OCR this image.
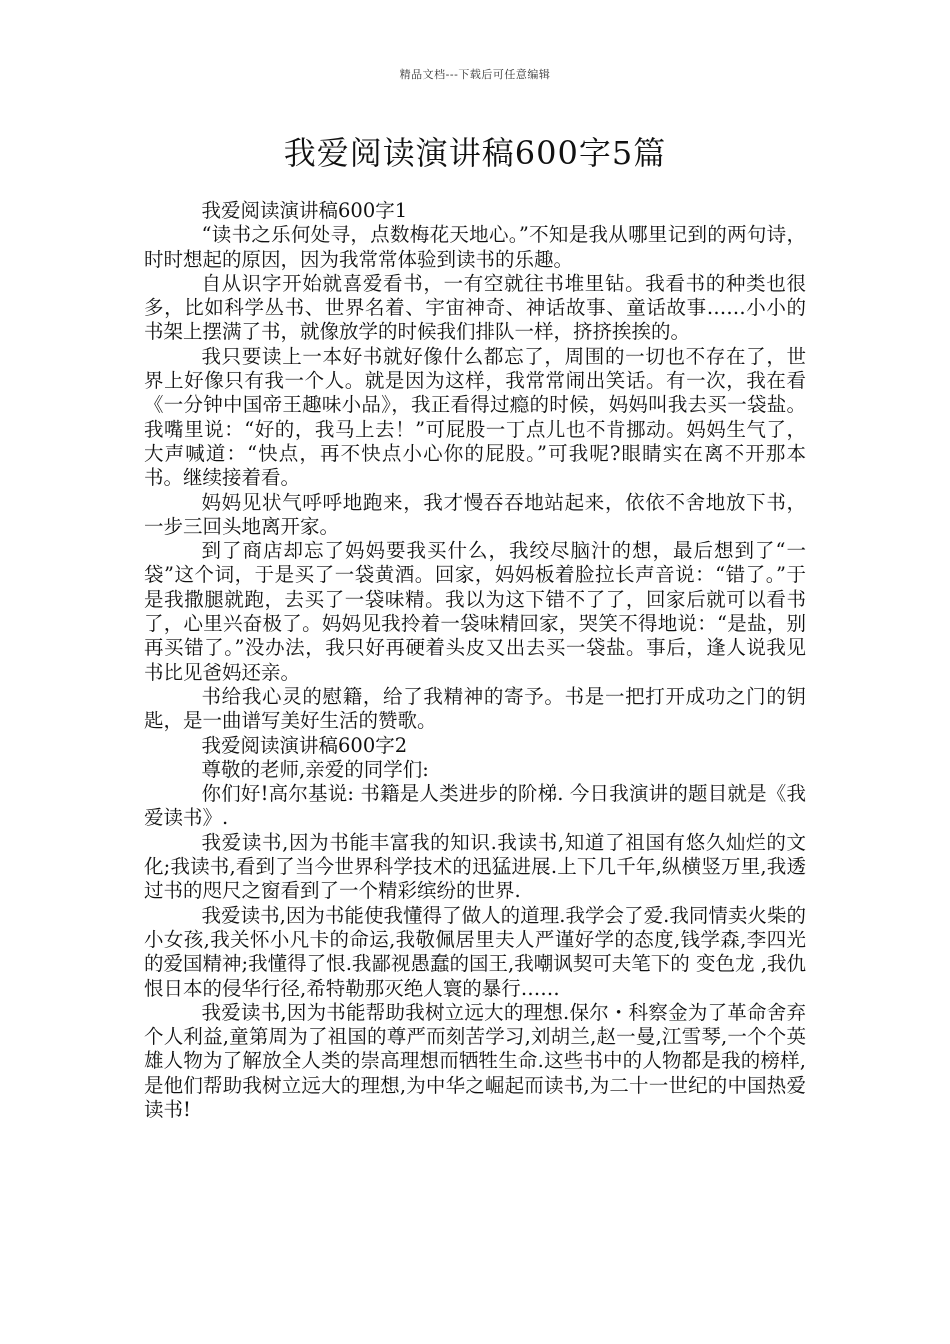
精品文档---下载后可任意编辑
我爱阅读演讲稿600字5篇

我爱阅读演讲稿600字1

“读书之乐何处寻，点数梅花天地心。”不知是我从哪里记到的两句诗，时时想起的原因，因为我常常体验到读书的乐趣。

自从识字开始就喜爱看书，一有空就往书堆里钻。我看书的种类也很多，比如科学丛书、世界名着、宇宙神奇、神话故事、童话故事……小小的书架上摆满了书，就像放学的时候我们排队一样，挤挤挨挨的。

我只要读上一本好书就好像什么都忘了，周围的一切也不存在了，世界上好像只有我一个人。就是因为这样，我常常闹出笑话。有一次，我在看《一分钟中国帝王趣味小品》，我正看得过瘾的时候，妈妈叫我去买一袋盐。我嘴里说：“好的，我马上去！”可屁股一丁点儿也不肯挪动。妈妈生气了，大声喊道：“快点，再不快点小心你的屁股。”可我呢?眼睛实在离不开那本书。继续接着看。

妈妈见状气呼呼地跑来，我才慢吞吞地站起来，依依不舍地放下书，一步三回头地离开家。

到了商店却忘了妈妈要我买什么，我绞尽脑汁的想，最后想到了“一袋”这个词，于是买了一袋黄酒。回家，妈妈板着脸拉长声音说：“错了。”于是我撒腿就跑，去买了一袋味精。我以为这下错不了了，回家后就可以看书了，心里兴奋极了。妈妈见我拎着一袋味精回家，哭笑不得地说：“是盐，别再买错了。”没办法，我只好再硬着头皮又出去买一袋盐。事后，逢人说我见书比见爸妈还亲。

书给我心灵的慰籍，给了我精神的寄予。书是一把打开成功之门的钥匙，是一曲谱写美好生活的赞歌。

我爱阅读演讲稿600字2

尊敬的老师,亲爱的同学们:

你们好!高尔基说: 书籍是人类进步的阶梯. 今日我演讲的题目就是《我爱读书》.

我爱读书,因为书能丰富我的知识.我读书,知道了祖国有悠久灿烂的文化;我读书,看到了当今世界科学技术的迅猛进展.上下几千年,纵横竖万里,我透过书的咫尺之窗看到了一个精彩缤纷的世界.

我爱读书,因为书能使我懂得了做人的道理.我学会了爱.我同情卖火柴的小女孩,我关怀小凡卡的命运,我敬佩居里夫人严谨好学的态度,钱学森,李四光的爱国精神;我懂得了恨.我鄙视愚蠢的国王,我嘲讽契可夫笔下的 变色龙 ,我仇恨日本的侵华行径,希特勒那灭绝人寰的暴行……

我爱读书,因为书能帮助我树立远大的理想.保尔・科察金为了革命舍弃个人利益,童第周为了祖国的尊严而刻苦学习,刘胡兰,赵一曼,江雪琴,一个个英雄人物为了解放全人类的崇高理想而牺牲生命.这些书中的人物都是我的榜样,是他们帮助我树立远大的理想,为中华之崛起而读书,为二十一世纪的中国热爱读书!
